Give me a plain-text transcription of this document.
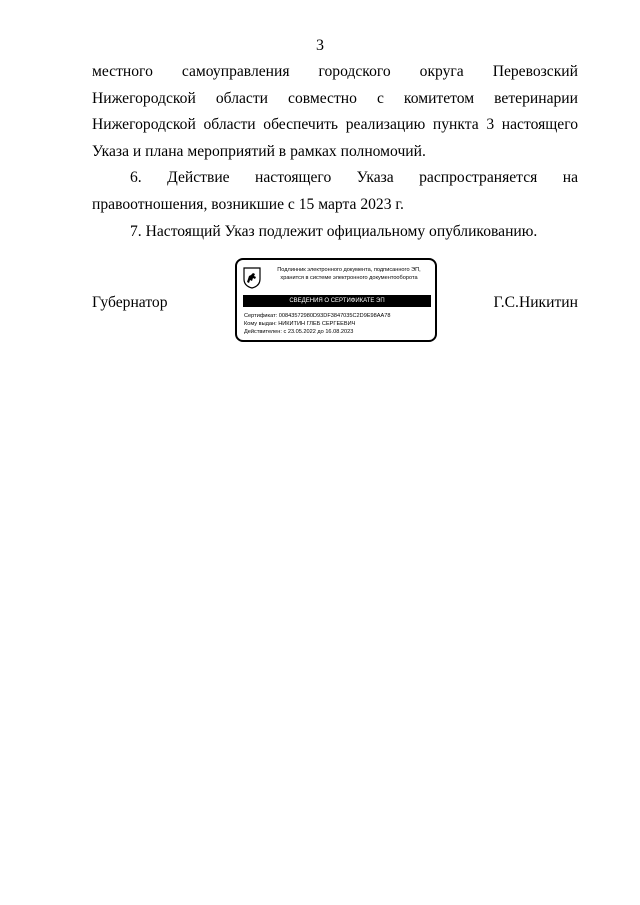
3

местного самоуправления городского округа Перевозский Нижегородской области совместно с комитетом ветеринарии Нижегородской области обеспечить реализацию пункта 3 настоящего Указа и плана мероприятий в рамках полномочий.

6. Действие настоящего Указа распространяется на правоотношения, возникшие с 15 марта 2023 г.

7. Настоящий Указ подлежит официальному опубликованию.

Губернатор
Подлинник электронного документа, подписанного ЭП, хранится в системе электронного документооборота
СВЕДЕНИЯ О СЕРТИФИКАТЕ ЭП
Сертификат: 00843572980D93DF3847035C2D9E98AA78
Кому выдан: НИКИТИН ГЛЕБ СЕРГЕЕВИЧ
Действителен: с 23.05.2022 до 16.08.2023
Г.С.Никитин
